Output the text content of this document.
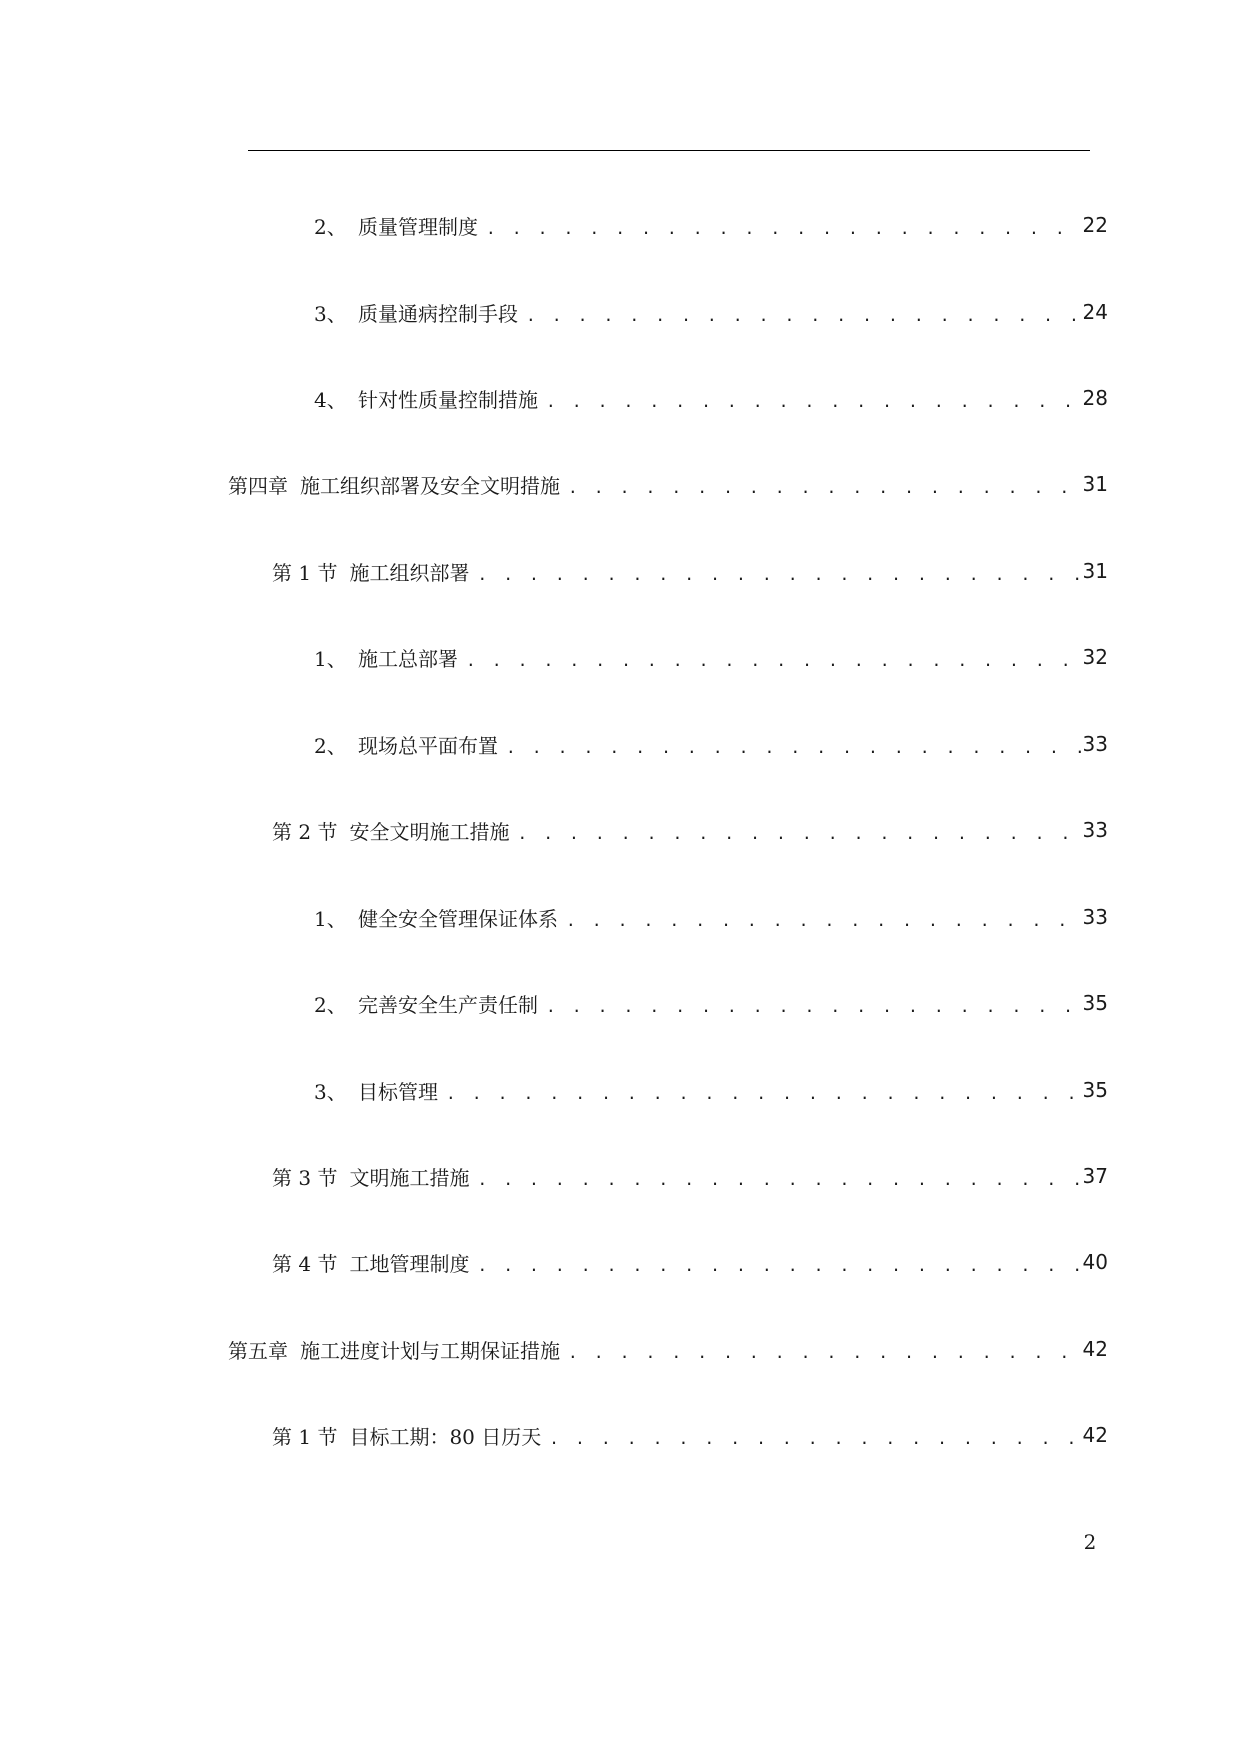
2、 质量管理制度 . . .	22
3、 质量通病控制手段 . . .	24
4、 针对性质量控制措施 . . .	28
第四章 施工组织部署及安全文明措施 . . .	31
第 1 节 施工组织部署 . . .	31
1、 施工总部署 . . .	32
2、 现场总平面布置 . . .	33
第 2 节 安全文明施工措施 . . .	33
1、 健全安全管理保证体系 . . .	33
2、 完善安全生产责任制 . . .	35
3、 目标管理 . . .	35
第 3 节 文明施工措施 . . .	37
第 4 节 工地管理制度 . . .	40
第五章 施工进度计划与工期保证措施 . . .	42
第 1 节 目标工期：80 日历天 . . .	42
2
